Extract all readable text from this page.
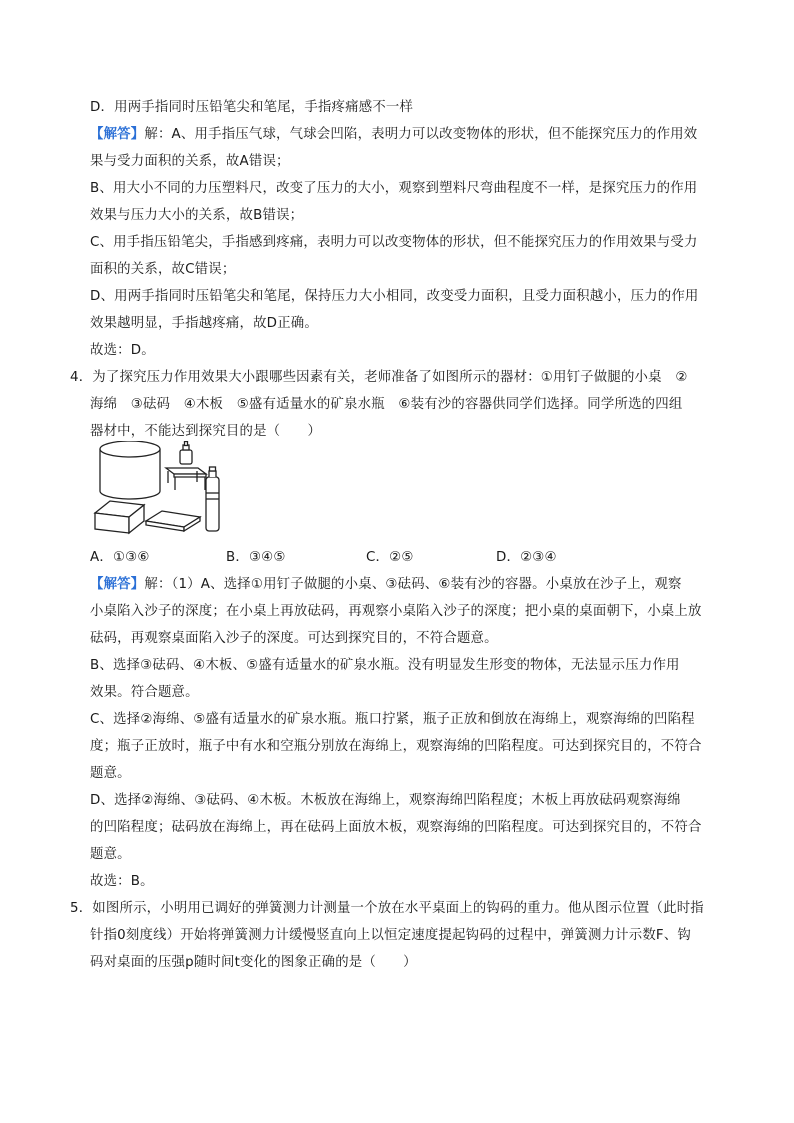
D．用两手指同时压铅笔尖和笔尾，手指疼痛感不一样
【解答】解：A、用手指压气球，气球会凹陷，表明力可以改变物体的形状，但不能探究压力的作用效
果与受力面积的关系，故A错误；
B、用大小不同的力压塑料尺，改变了压力的大小，观察到塑料尺弯曲程度不一样，是探究压力的作用
效果与压力大小的关系，故B错误；
C、用手指压铅笔尖，手指感到疼痛，表明力可以改变物体的形状，但不能探究压力的作用效果与受力
面积的关系，故C错误；
D、用两手指同时压铅笔尖和笔尾，保持压力大小相同，改变受力面积，且受力面积越小，压力的作用
效果越明显，手指越疼痛，故D正确。
故选：D。
4．为了探究压力作用效果大小跟哪些因素有关，老师准备了如图所示的器材：①用钉子做腿的小桌　②
海绵　③砝码　④木板　⑤盛有适量水的矿泉水瓶　⑥装有沙的容器供同学们选择。同学所选的四组
器材中，不能达到探究目的是（　　）
A．①③⑥	B．③④⑤	C．②⑤	D．②③④
【解答】解：（1）A、选择①用钉子做腿的小桌、③砝码、⑥装有沙的容器。小桌放在沙子上，观察
小桌陷入沙子的深度；在小桌上再放砝码，再观察小桌陷入沙子的深度；把小桌的桌面朝下，小桌上放
砝码，再观察桌面陷入沙子的深度。可达到探究目的，不符合题意。
B、选择③砝码、④木板、⑤盛有适量水的矿泉水瓶。没有明显发生形变的物体，无法显示压力作用
效果。符合题意。
C、选择②海绵、⑤盛有适量水的矿泉水瓶。瓶口拧紧，瓶子正放和倒放在海绵上，观察海绵的凹陷程
度；瓶子正放时，瓶子中有水和空瓶分别放在海绵上，观察海绵的凹陷程度。可达到探究目的，不符合
题意。
D、选择②海绵、③砝码、④木板。木板放在海绵上，观察海绵凹陷程度；木板上再放砝码观察海绵
的凹陷程度；砝码放在海绵上，再在砝码上面放木板，观察海绵的凹陷程度。可达到探究目的，不符合
题意。
故选：B。
5．如图所示，小明用已调好的弹簧测力计测量一个放在水平桌面上的钩码的重力。他从图示位置（此时指
针指0刻度线）开始将弹簧测力计缓慢竖直向上以恒定速度提起钩码的过程中，弹簧测力计示数F、钩
码对桌面的压强p随时间t变化的图象正确的是（　　）
